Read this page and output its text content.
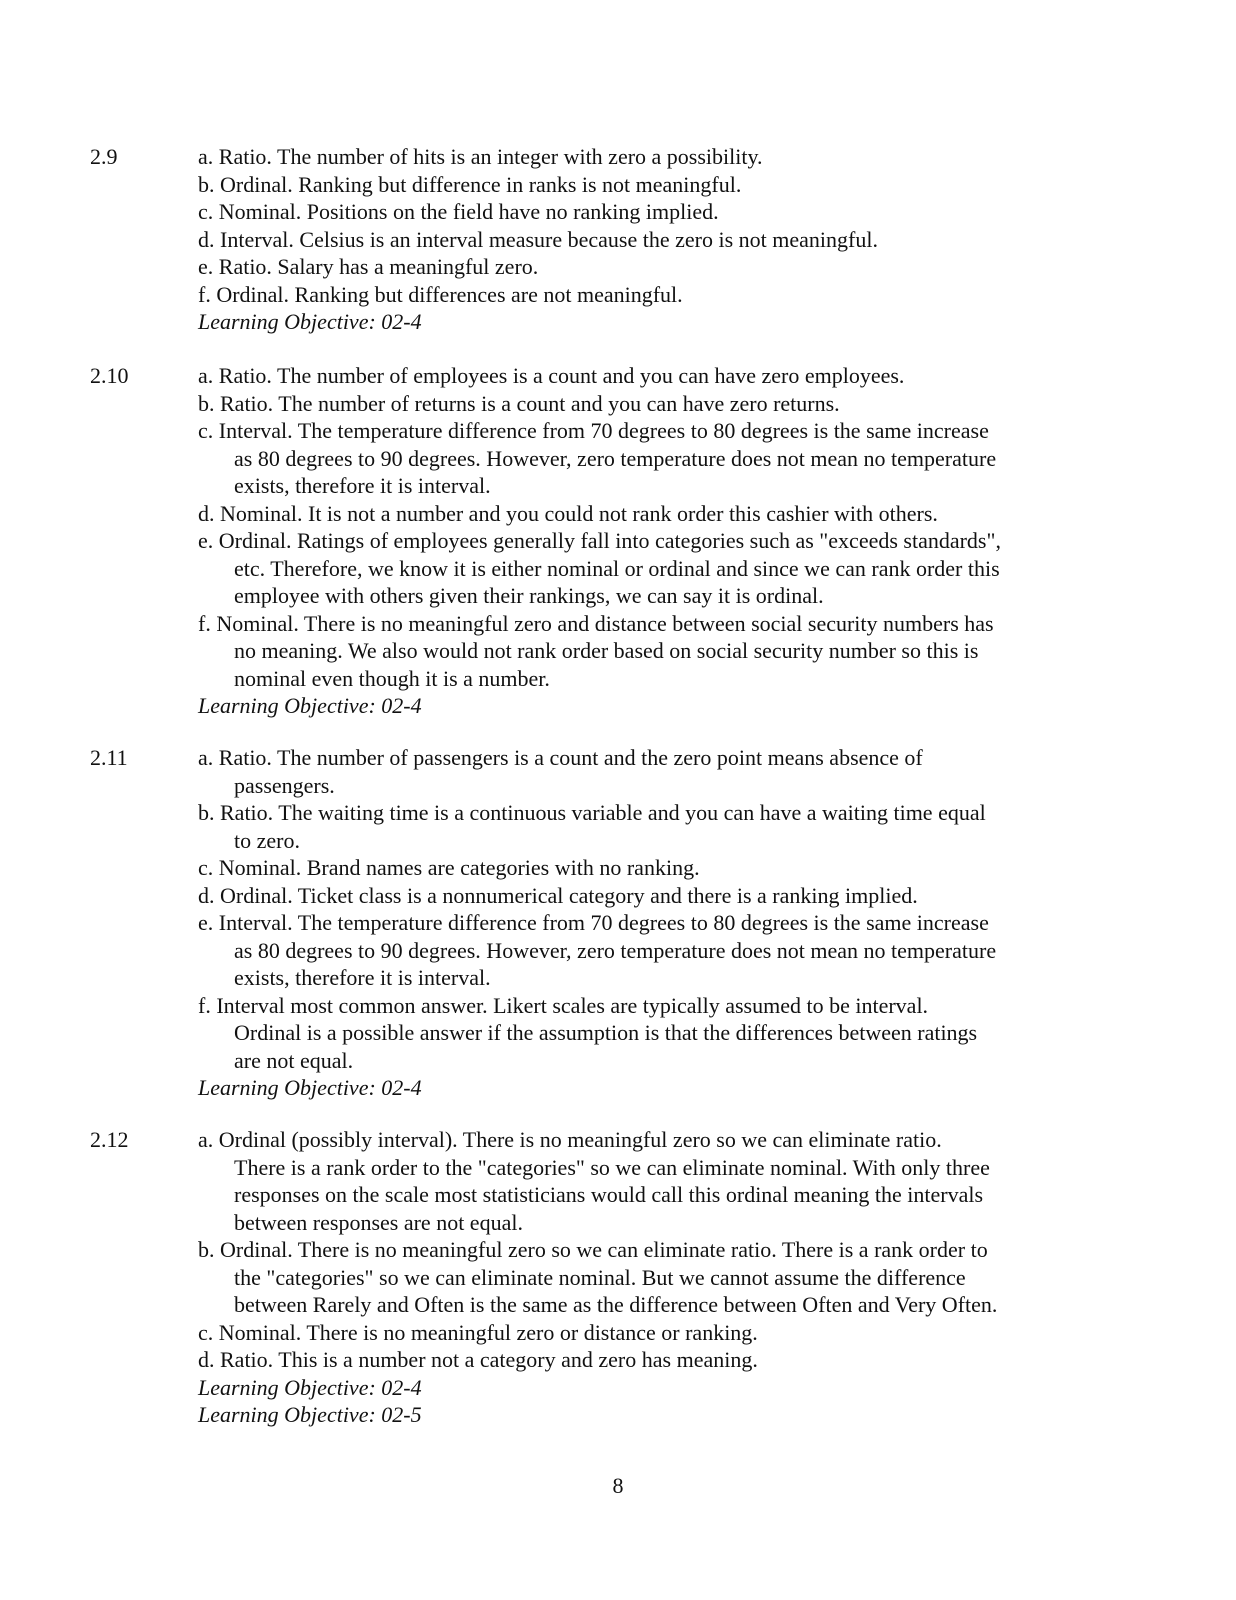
2.9	a. Ratio. The number of hits is an integer with zero a possibility.
b. Ordinal. Ranking but difference in ranks is not meaningful.
c. Nominal. Positions on the field have no ranking implied.
d. Interval. Celsius is an interval measure because the zero is not meaningful.
e. Ratio. Salary has a meaningful zero.
f. Ordinal. Ranking but differences are not meaningful.
Learning Objective: 02-4
2.10	a. Ratio. The number of employees is a count and you can have zero employees.
b. Ratio. The number of returns is a count and you can have zero returns.
c. Interval. The temperature difference from 70 degrees to 80 degrees is the same increase
as 80 degrees to 90 degrees. However, zero temperature does not mean no temperature
exists, therefore it is interval.
d. Nominal. It is not a number and you could not rank order this cashier with others.
e. Ordinal. Ratings of employees generally fall into categories such as "exceeds standards",
etc. Therefore, we know it is either nominal or ordinal and since we can rank order this
employee with others given their rankings, we can say it is ordinal.
f. Nominal. There is no meaningful zero and distance between social security numbers has
no meaning. We also would not rank order based on social security number so this is
nominal even though it is a number.
Learning Objective: 02-4
2.11	a. Ratio. The number of passengers is a count and the zero point means absence of
passengers.
b. Ratio. The waiting time is a continuous variable and you can have a waiting time equal
to zero.
c. Nominal. Brand names are categories with no ranking.
d. Ordinal. Ticket class is a nonnumerical category and there is a ranking implied.
e. Interval. The temperature difference from 70 degrees to 80 degrees is the same increase
as 80 degrees to 90 degrees. However, zero temperature does not mean no temperature
exists, therefore it is interval.
f. Interval most common answer. Likert scales are typically assumed to be interval.
Ordinal is a possible answer if the assumption is that the differences between ratings
are not equal.
Learning Objective: 02-4
2.12	a. Ordinal (possibly interval). There is no meaningful zero so we can eliminate ratio.
There is a rank order to the "categories" so we can eliminate nominal. With only three
responses on the scale most statisticians would call this ordinal meaning the intervals
between responses are not equal.
b. Ordinal. There is no meaningful zero so we can eliminate ratio. There is a rank order to
the "categories" so we can eliminate nominal. But we cannot assume the difference
between Rarely and Often is the same as the difference between Often and Very Often.
c. Nominal. There is no meaningful zero or distance or ranking.
d. Ratio. This is a number not a category and zero has meaning.
Learning Objective: 02-4
Learning Objective: 02-5
8
